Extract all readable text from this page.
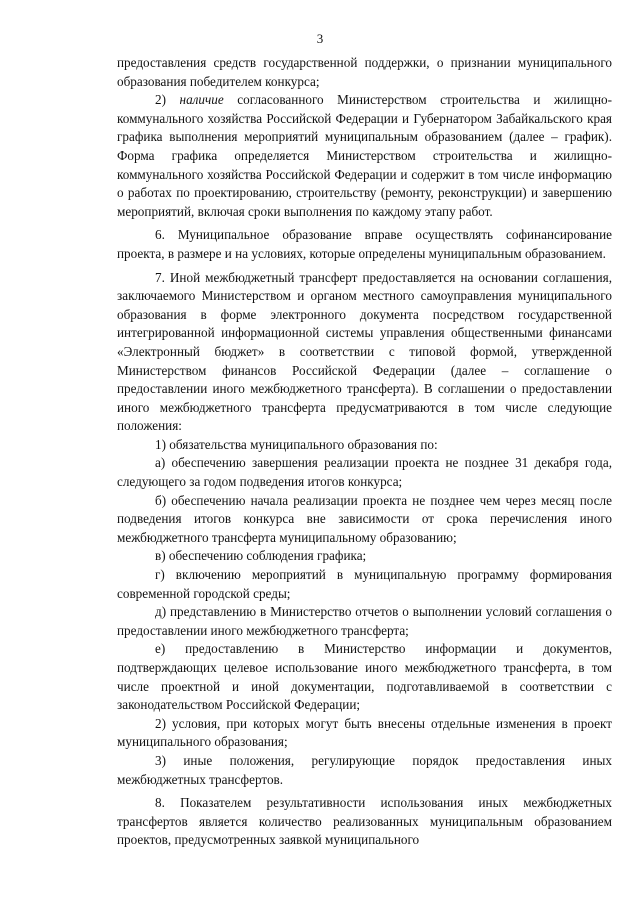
3

предоставления средств государственной поддержки, о признании муниципального образования победителем конкурса;

2) наличие согласованного Министерством строительства и жилищно-коммунального хозяйства Российской Федерации и Губернатором Забайкальского края графика выполнения мероприятий муниципальным образованием (далее – график). Форма графика определяется Министерством строительства и жилищно-коммунального хозяйства Российской Федерации и содержит в том числе информацию о работах по проектированию, строительству (ремонту, реконструкции) и завершению мероприятий, включая сроки выполнения по каждому этапу работ.

6. Муниципальное образование вправе осуществлять софинансирование проекта, в размере и на условиях, которые определены муниципальным образованием.

7. Иной межбюджетный трансферт предоставляется на основании соглашения, заключаемого Министерством и органом местного самоуправления муниципального образования в форме электронного документа посредством государственной интегрированной информационной системы управления общественными финансами «Электронный бюджет» в соответствии с типовой формой, утвержденной Министерством финансов Российской Федерации (далее – соглашение о предоставлении иного межбюджетного трансферта). В соглашении о предоставлении иного межбюджетного трансферта предусматриваются в том числе следующие положения:

1) обязательства муниципального образования по:

а) обеспечению завершения реализации проекта не позднее 31 декабря года, следующего за годом подведения итогов конкурса;

б) обеспечению начала реализации проекта не позднее чем через месяц после подведения итогов конкурса вне зависимости от срока перечисления иного межбюджетного трансферта муниципальному образованию;

в) обеспечению соблюдения графика;

г) включению мероприятий в муниципальную программу формирования современной городской среды;

д) представлению в Министерство отчетов о выполнении условий соглашения о предоставлении иного межбюджетного трансферта;

е) предоставлению в Министерство информации и документов, подтверждающих целевое использование иного межбюджетного трансферта, в том числе проектной и иной документации, подготавливаемой в соответствии с законодательством Российской Федерации;

2) условия, при которых могут быть внесены отдельные изменения в проект муниципального образования;

3) иные положения, регулирующие порядок предоставления иных межбюджетных трансфертов.

8. Показателем результативности использования иных межбюджетных трансфертов является количество реализованных муниципальным образованием проектов, предусмотренных заявкой муниципального
